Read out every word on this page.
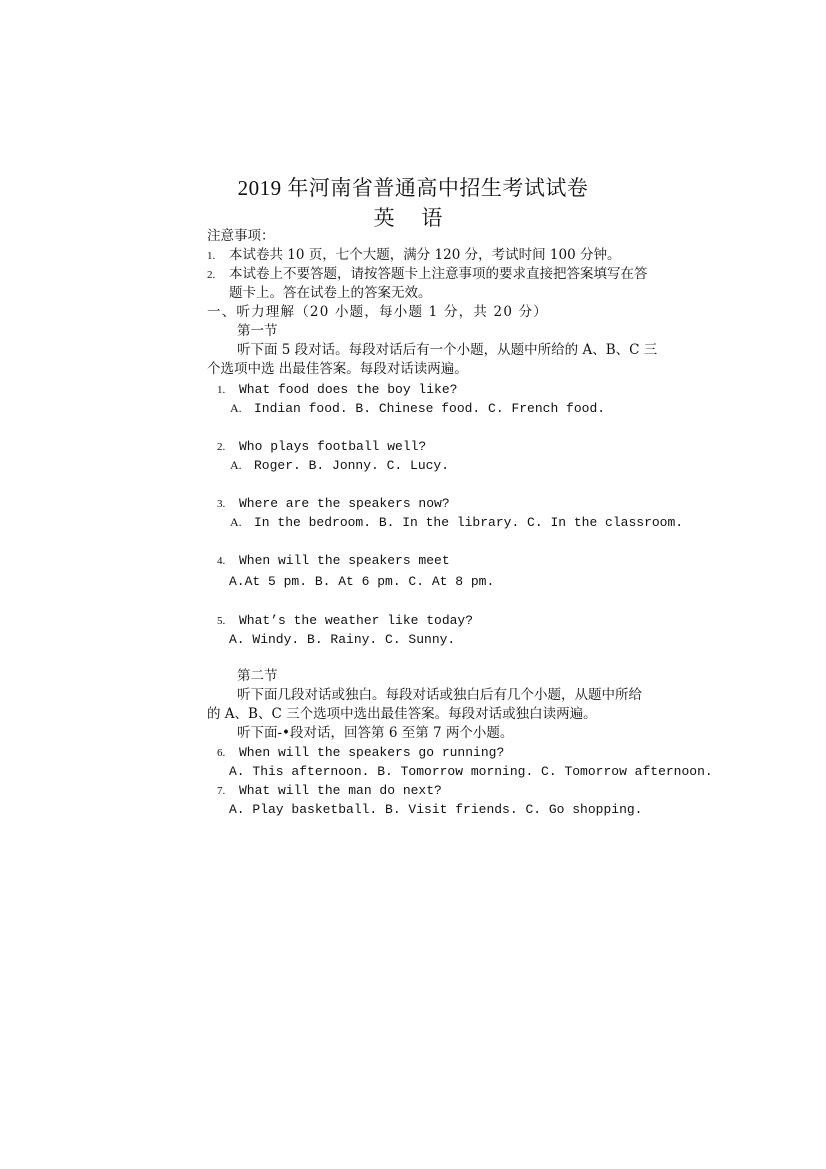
2019 年河南省普通高中招生考试试卷
英 语
注意事项：
1. 本试卷共 10 页，七个大题，满分 120 分，考试时间 100 分钟。
2. 本试卷上不要答题，请按答题卡上注意事项的要求直接把答案填写在答
题卡上。答在试卷上的答案无效。
一、听力理解（20 小题，每小题 1 分，共 20 分）
第一节
听下面 5 段对话。每段对话后有一个小题，从题中所给的 A、B、C 三
个选项中选 出最佳答案。每段对话读两遍。
1. What food does the boy like?
A. Indian food. B. Chinese food. C. French food.
2. Who plays football well?
A. Roger. B. Jonny. C. Lucy.
3. Where are the speakers now?
A. In the bedroom. B. In the library. C. In the classroom.
4. When will the speakers meet
A.At 5 pm. B. At 6 pm. C. At 8 pm.
5. What’s the weather like today?
A. Windy. B. Rainy. C. Sunny.
第二节
听下面几段对话或独白。每段对话或独白后有几个小题，从题中所给
的 A、B、C 三个选项中选出最佳答案。每段对话或独白读两遍。
听下面-•段对话，回答第 6 至第 7 两个小题。
6. When will the speakers go running?
A. This afternoon. B. Tomorrow morning. C. Tomorrow afternoon.
7. What will the man do next?
A. Play basketball. B. Visit friends. C. Go shopping.
